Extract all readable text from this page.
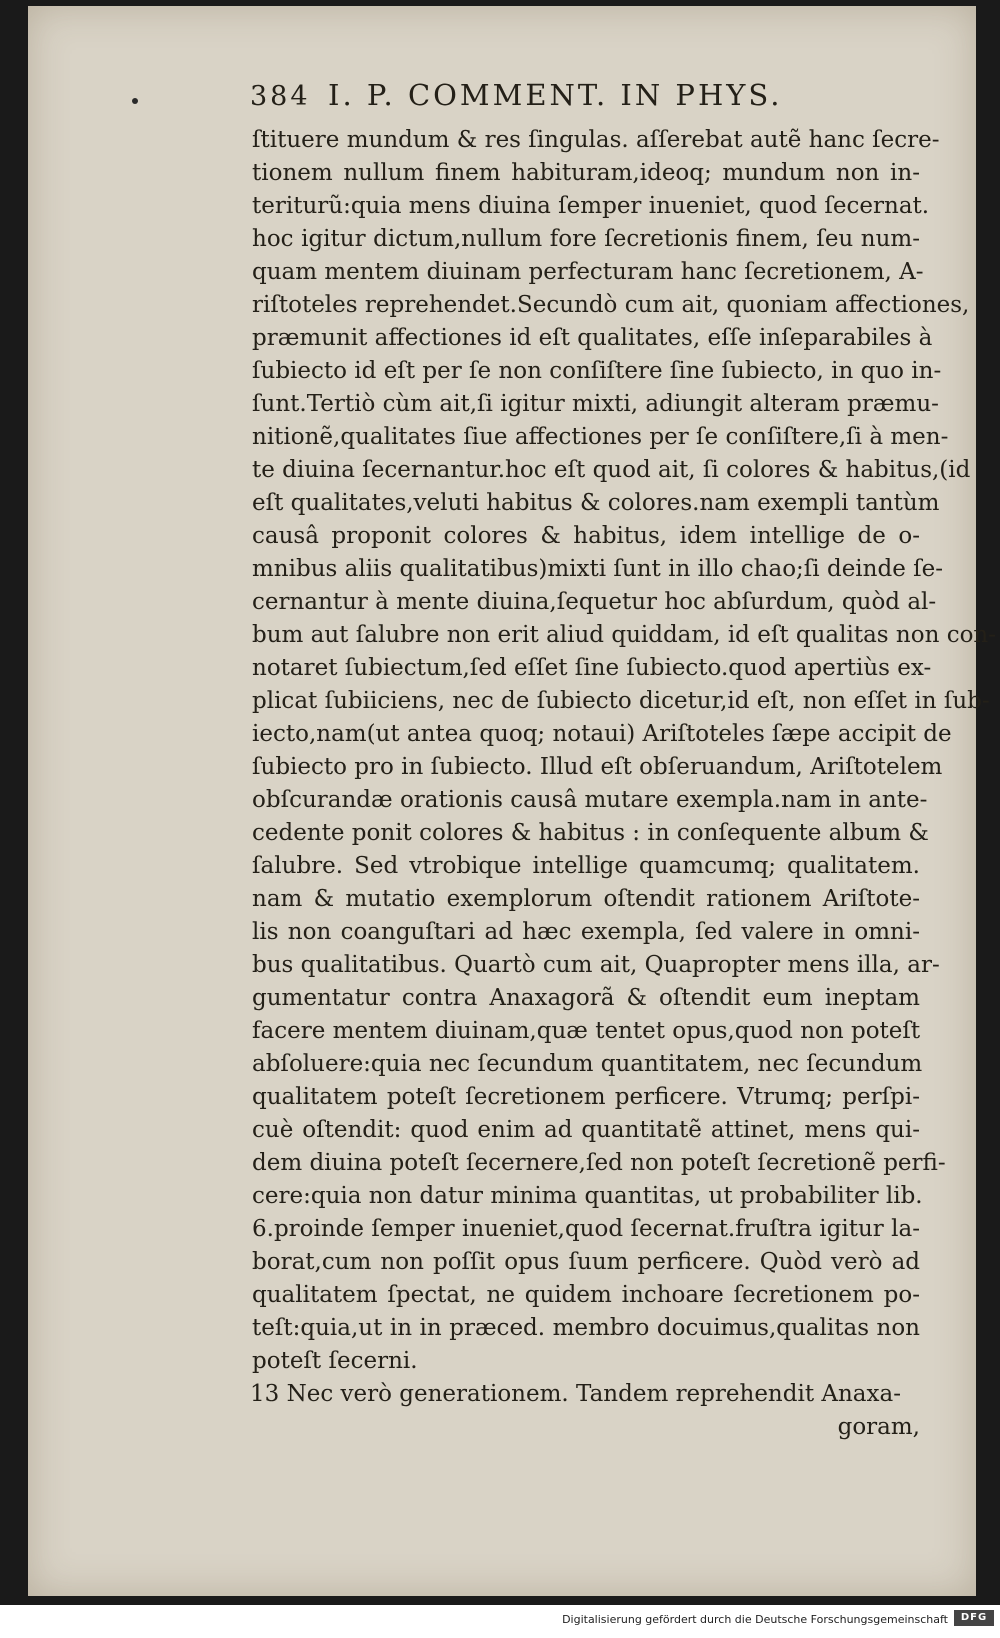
384 I. P. COMMENT. IN PHYS.
ſtituere mundum & res ſingulas. aſſerebat autẽ hanc ſecre-
tionem nullum finem habituram,ideoq; mundum non in-
teriturũ:quia mens diuina ſemper inueniet, quod ſecernat.
hoc igitur dictum,nullum fore ſecretionis finem, ſeu num-
quam mentem diuinam perfecturam hanc ſecretionem, A-
riſtoteles reprehendet.Secundò cum ait, quoniam affectiones,
prӕmunit affectiones id eſt qualitates, eſſe inſeparabiles à
ſubiecto id eſt per ſe non conſiſtere ſine ſubiecto, in quo in-
ſunt.Tertiò cùm ait,ſi igitur mixti, adiungit alteram prӕmu-
nitionẽ,qualitates ſiue affectiones per ſe conſiſtere,ſi à men-
te diuina ſecernantur.hoc eſt quod ait, ſi colores & habitus,(id
eſt qualitates,veluti habitus & colores.nam exempli tantùm
causâ proponit colores & habitus, idem intellige de o-
mnibus aliis qualitatibus)mixti ſunt in illo chao;ſi deinde ſe-
cernantur à mente diuina,ſequetur hoc abſurdum, quòd al-
bum aut ſalubre non erit aliud quiddam, id eſt qualitas non con-
notaret ſubiectum,ſed eſſet ſine ſubiecto.quod apertiùs ex-
plicat ſubiiciens, nec de ſubiecto dicetur,id eſt, non eſſet in ſub-
iecto,nam(ut antea quoq; notaui) Ariſtoteles ſӕpe accipit de
ſubiecto pro in ſubiecto. Illud eſt obſeruandum, Ariſtotelem
obſcurandӕ orationis causâ mutare exempla.nam in ante-
cedente ponit colores & habitus : in conſequente album &
ſalubre. Sed vtrobique intellige quamcumq; qualitatem.
nam & mutatio exemplorum oſtendit rationem Ariſtote-
lis non coanguſtari ad hӕc exempla, ſed valere in omni-
bus qualitatibus. Quartò cum ait, Quapropter mens illa, ar-
gumentatur contra Anaxagorã & oſtendit eum ineptam
facere mentem diuinam,quӕ tentet opus,quod non poteſt
abſoluere:quia nec ſecundum quantitatem, nec ſecundum
qualitatem poteſt ſecretionem perficere. Vtrumq; perſpi-
cuè oſtendit: quod enim ad quantitatẽ attinet, mens qui-
dem diuina poteſt ſecernere,ſed non poteſt ſecretionẽ perfi-
cere:quia non datur minima quantitas, ut probabiliter lib.
6.proinde ſemper inueniet,quod ſecernat.fruſtra igitur la-
borat,cum non poſſit opus ſuum perficere. Quòd verò ad
qualitatem ſpectat, ne quidem inchoare ſecretionem po-
teſt:quia,ut in in prӕced. membro docuimus,qualitas non
poteſt ſecerni.
13 Nec verò generationem. Tandem reprehendit Anaxa-
goram,
Digitalisierung gefördert durch die Deutsche Forschungsgemeinschaft	DFG
